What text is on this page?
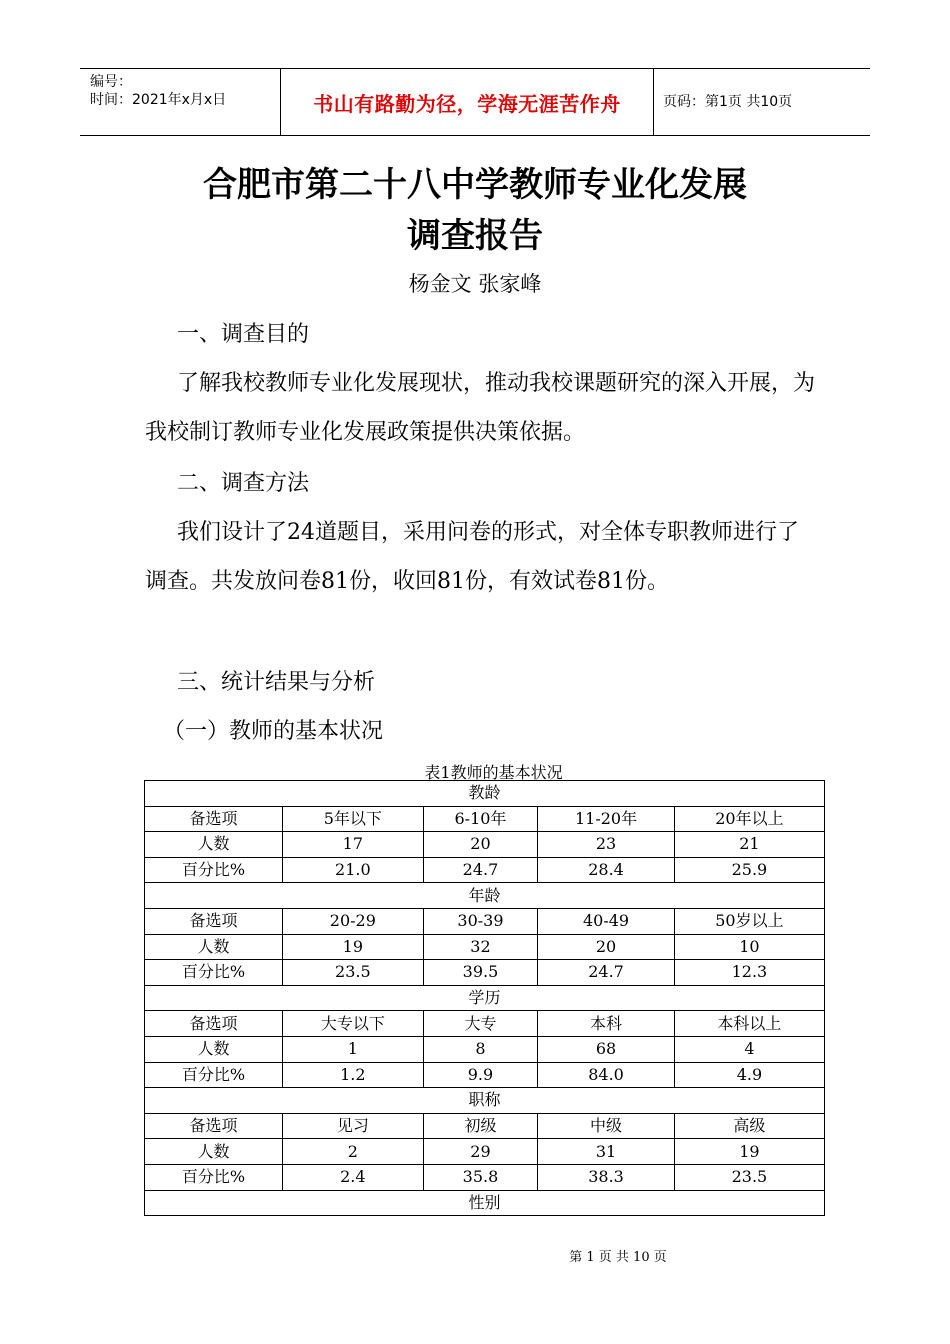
编号：
时间：2021年x月x日	书山有路勤为径，学海无涯苦作舟	页码：第1页 共10页
合肥市第二十八中学教师专业化发展
调查报告
杨金文 张家峰
一、调查目的
了解我校教师专业化发展现状，推动我校课题研究的深入开展，为我校制订教师专业化发展政策提供决策依据。
二、调查方法
我们设计了24道题目，采用问卷的形式，对全体专职教师进行了调查。共发放问卷81份，收回81份，有效试卷81份。
三、统计结果与分析
（一）教师的基本状况
表1教师的基本状况
教龄				
备选项	5年以下	6-10年	11-20年	20年以上
人数	17	20	23	21
百分比%	21.0	24.7	28.4	25.9
年龄				
备选项	20-29	30-39	40-49	50岁以上
人数	19	32	20	10
百分比%	23.5	39.5	24.7	12.3
学历				
备选项	大专以下	大专	本科	本科以上
人数	1	8	68	4
百分比%	1.2	9.9	84.0	4.9
职称				
备选项	见习	初级	中级	高级
人数	2	29	31	19
百分比%	2.4	35.8	38.3	23.5
性别				
第 1 页 共 10 页
